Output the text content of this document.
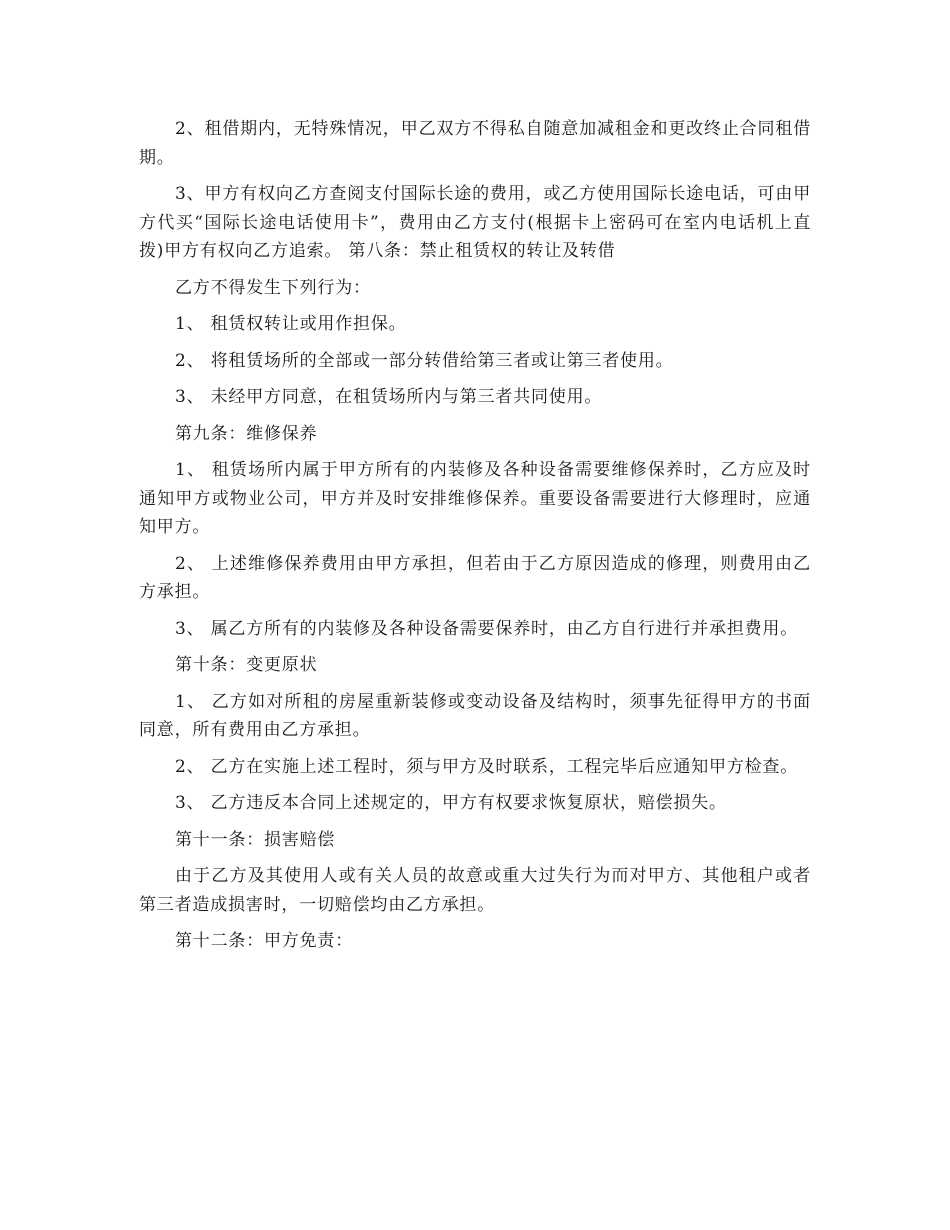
2、租借期内，无特殊情况，甲乙双方不得私自随意加减租金和更改终止合同租借期。

3、甲方有权向乙方查阅支付国际长途的费用，或乙方使用国际长途电话，可由甲方代买“国际长途电话使用卡”，费用由乙方支付(根据卡上密码可在室内电话机上直拨)甲方有权向乙方追索。 第八条：禁止租赁权的转让及转借

乙方不得发生下列行为：

1、 租赁权转让或用作担保。

2、 将租赁场所的全部或一部分转借给第三者或让第三者使用。

3、 未经甲方同意，在租赁场所内与第三者共同使用。

第九条：维修保养

1、 租赁场所内属于甲方所有的内装修及各种设备需要维修保养时，乙方应及时通知甲方或物业公司，甲方并及时安排维修保养。重要设备需要进行大修理时，应通知甲方。

2、 上述维修保养费用由甲方承担，但若由于乙方原因造成的修理，则费用由乙方承担。

3、 属乙方所有的内装修及各种设备需要保养时，由乙方自行进行并承担费用。

第十条：变更原状

1、 乙方如对所租的房屋重新装修或变动设备及结构时，须事先征得甲方的书面同意，所有费用由乙方承担。

2、 乙方在实施上述工程时，须与甲方及时联系，工程完毕后应通知甲方检查。

3、 乙方违反本合同上述规定的，甲方有权要求恢复原状，赔偿损失。

第十一条：损害赔偿

由于乙方及其使用人或有关人员的故意或重大过失行为而对甲方、其他租户或者第三者造成损害时，一切赔偿均由乙方承担。

第十二条：甲方免责：
